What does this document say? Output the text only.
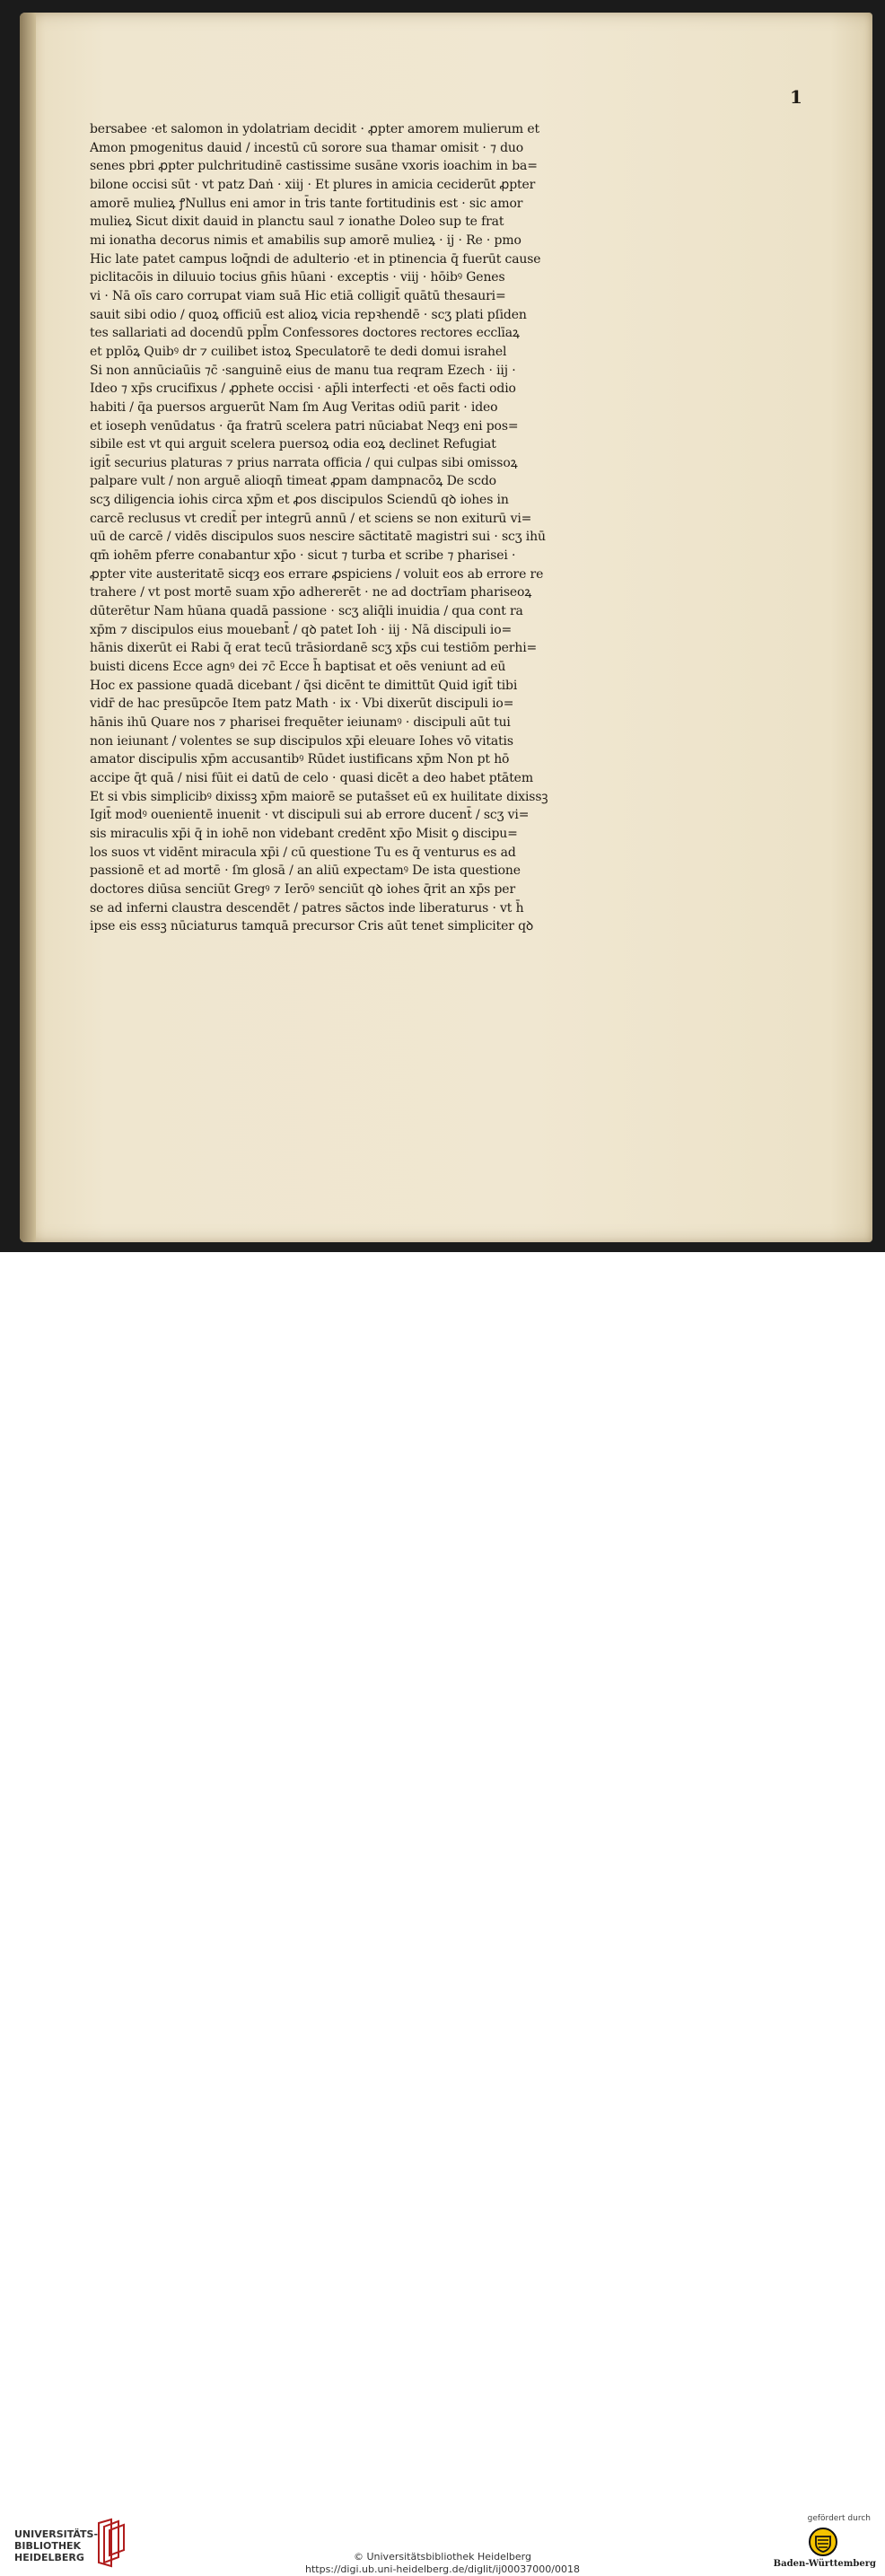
1
bersabee ·et salomon in ydolatriam decidit · ꝓpter amorem mulierum et
Amon pmogenitus dauid / incestū cū sorore sua thamar omisit · ⁊ duo
senes pbri ꝓpter pulchritudinē castissime susāne vxoris ioachim in ba=
bilone occisi sūt · vt patz Daṅ · xiij · Et plures in amicia ceciderūt ꝓpter
amorē mulieꝝ ꝭNullus eni amor in t̄ris tante fortitudinis est · sic amor
mulieꝝ Sicut dixit dauid in planctu saul ⁊ ionathe Doleo sup te frat
mi ionatha decorus nimis et amabilis sup amorē mulieꝝ · ij · Re · pmo
Hic late patet campus loq̄ndi de adulterio ·et in ptinencia q̄ fuerūt cause
piclitacōis in diluuio tocius gn̄is hūani · exceptis · viij · hōibꝰ Genes
vi · Nā oīs caro corrupat viam suā Hic etiā colligit̄ quātū thesauri=
sauit sibi odio / quoꝝ officiū est alioꝝ vicia repꝛhendē · scʒ plati pſiden
tes sallariati ad docendū ppl̄m Confessores doctores rectores ecclīaꝝ
et pplōꝝ Quibꝰ dr ⁊ cuilibet istoꝝ Speculatorē te dedi domui israhel
Si non annūciaūis ⁊c̄ ·sanguinē eius de manu tua reqram Ezech · iij ·
Ideo ⁊ xp̄s crucifixus / ꝓphete occisi · ap̄li interfecti ·et oēs facti odio
habiti / q̄a puersos arguerūt Nam ſm Aug Veritas odiū parit · ideo
et ioseph venūdatus · q̄a fratrū scelera patri nūciabat Neqȝ eni pos=
sibile est vt qui arguit scelera puersoꝝ odia eoꝝ declinet Refugiat
igit̄ securius platuras ⁊ prius narrata officia / qui culpas sibi omissoꝝ
palpare vult / non arguē alioqn̄ timeat ꝓpam dampnacōꝝ De scdo
scʒ diligencia iohis circa xp̄m et ꝓos discipulos Sciendū qꝺ iohes in
carcē reclusus vt credit̄ per integrū annū / et sciens se non exiturū vi=
uū de carcē / vidēs discipulos suos nescire sāctitatē magistri sui · scʒ ihū
qm̄ iohēm pferre conabantur xp̄o · sicut ⁊ turba et scribe ⁊ pharisei ·
ꝓpter vite austeritatē sicqȝ eos errare ꝓspiciens / voluit eos ab errore re
trahere / vt post mortē suam xp̄o adhererēt · ne ad doctrīam phariseoꝝ
dūterētur Nam hūana quadā passione · scʒ aliq̄li inuidia / qua cont ra
xp̄m ⁊ discipulos eius mouebant̄ / qꝺ patet Ioh · iij · Nā discipuli io=
hānis dixerūt ei Rabi q̄ erat tecū trāsiordanē scʒ xp̄s cui testiōm perhi=
buisti dicens Ecce agnꝰ dei ⁊c̄ Ecce h̄ baptisat et oēs veniunt ad eū
Hoc ex passione quadā dicebant / q̄si dicēnt te dimittūt Quid igit̄ tibi
vidr̄ de hac presūpcōe Item patz Math · ix · Vbi dixerūt discipuli io=
hānis ihū Quare nos ⁊ pharisei frequēter ieiunamꝰ · discipuli aūt tui
non ieiunant / volentes se sup discipulos xp̄i eleuare Iohes vō vitatis
amator discipulis xp̄m accusantibꝰ Rūdet iustificans xp̄m Non pt hō
accipe q̄t quā / nisi fūit ei datū de celo · quasi dicēt a deo habet ptātem
Et si vbis simplicibꝰ dixissꝫ xp̄m maiorē se putas̄set eū ex huilitate dixissꝫ
Igit̄ modꝰ ouenientē inuenit · vt discipuli sui ab errore ducent̄ / scʒ vi=
sis miraculis xp̄i q̄ in iohē non videbant credēnt xp̄o Misit ꝯ discipu=
los suos vt vidēnt miracula xp̄i / cū questione Tu es q̄ venturus es ad
passionē et ad mortē · ſm glosā / an aliū expectamꝰ De ista questione
doctores diūsa senciūt Gregꝰ ⁊ Ierōꝰ senciūt qꝺ iohes q̄rit an xp̄s per
se ad inferni claustra descendēt / patres sāctos inde liberaturus · vt h̄
ipse eis essꝫ nūciaturus tamquā precursor Cris aūt tenet simpliciter qꝺ
UNIVERSITÄTS-
BIBLIOTHEK
HEIDELBERG	© Universitätsbibliothek Heidelberg
https://digi.ub.uni-heidelberg.de/diglit/ij00037000/0018
gefördert durch
Baden-Württemberg
